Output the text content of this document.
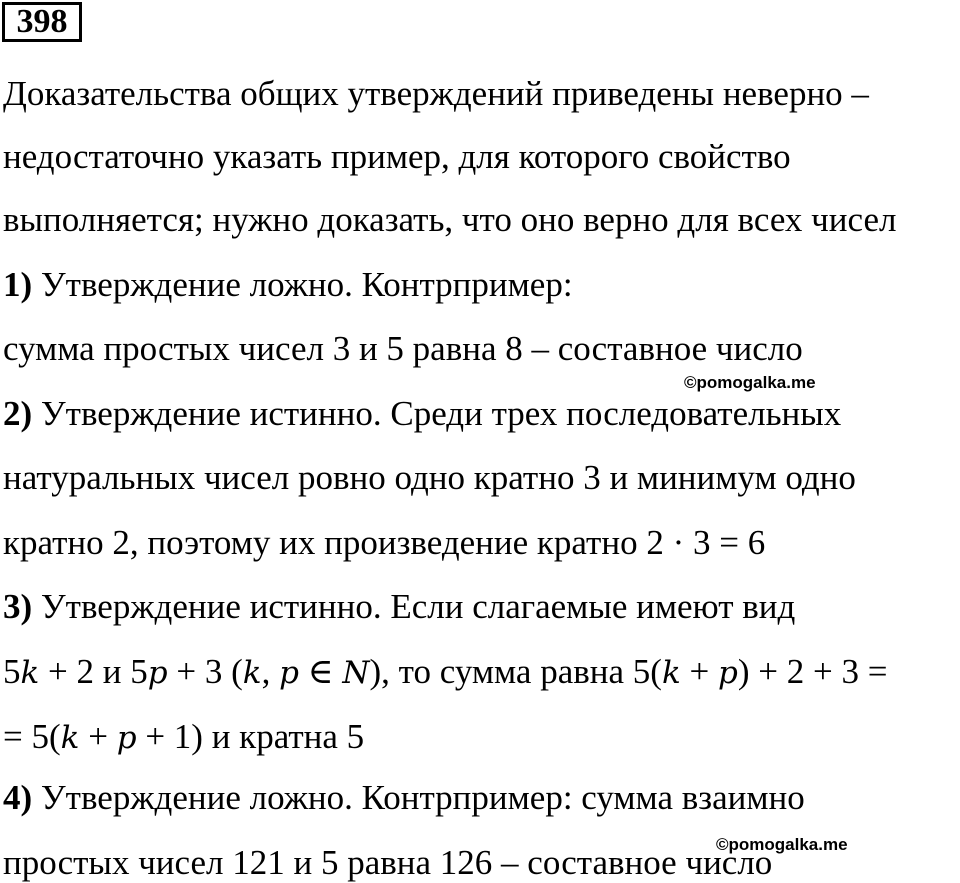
398
Доказательства общих утверждений приведены неверно –
недостаточно указать пример, для которого свойство
выполняется; нужно доказать, что оно верно для всех чисел
1) Утверждение ложно. Контрпример:
сумма простых чисел 3 и 5 равна 8 – составное число
©pomogalka.me
2) Утверждение истинно. Среди трех последовательных
натуральных чисел ровно одно кратно 3 и минимум одно
кратно 2, поэтому их произведение кратно 2 · 3 = 6
3) Утверждение истинно. Если слагаемые имеют вид
5k + 2 и 5p + 3 (k, p ∈ N), то сумма равна 5(k + p) + 2 + 3 =
= 5(k + p + 1) и кратна 5
4) Утверждение ложно. Контрпример: сумма взаимно
простых чисел 121 и 5 равна 126 – составное число
©pomogalka.me
